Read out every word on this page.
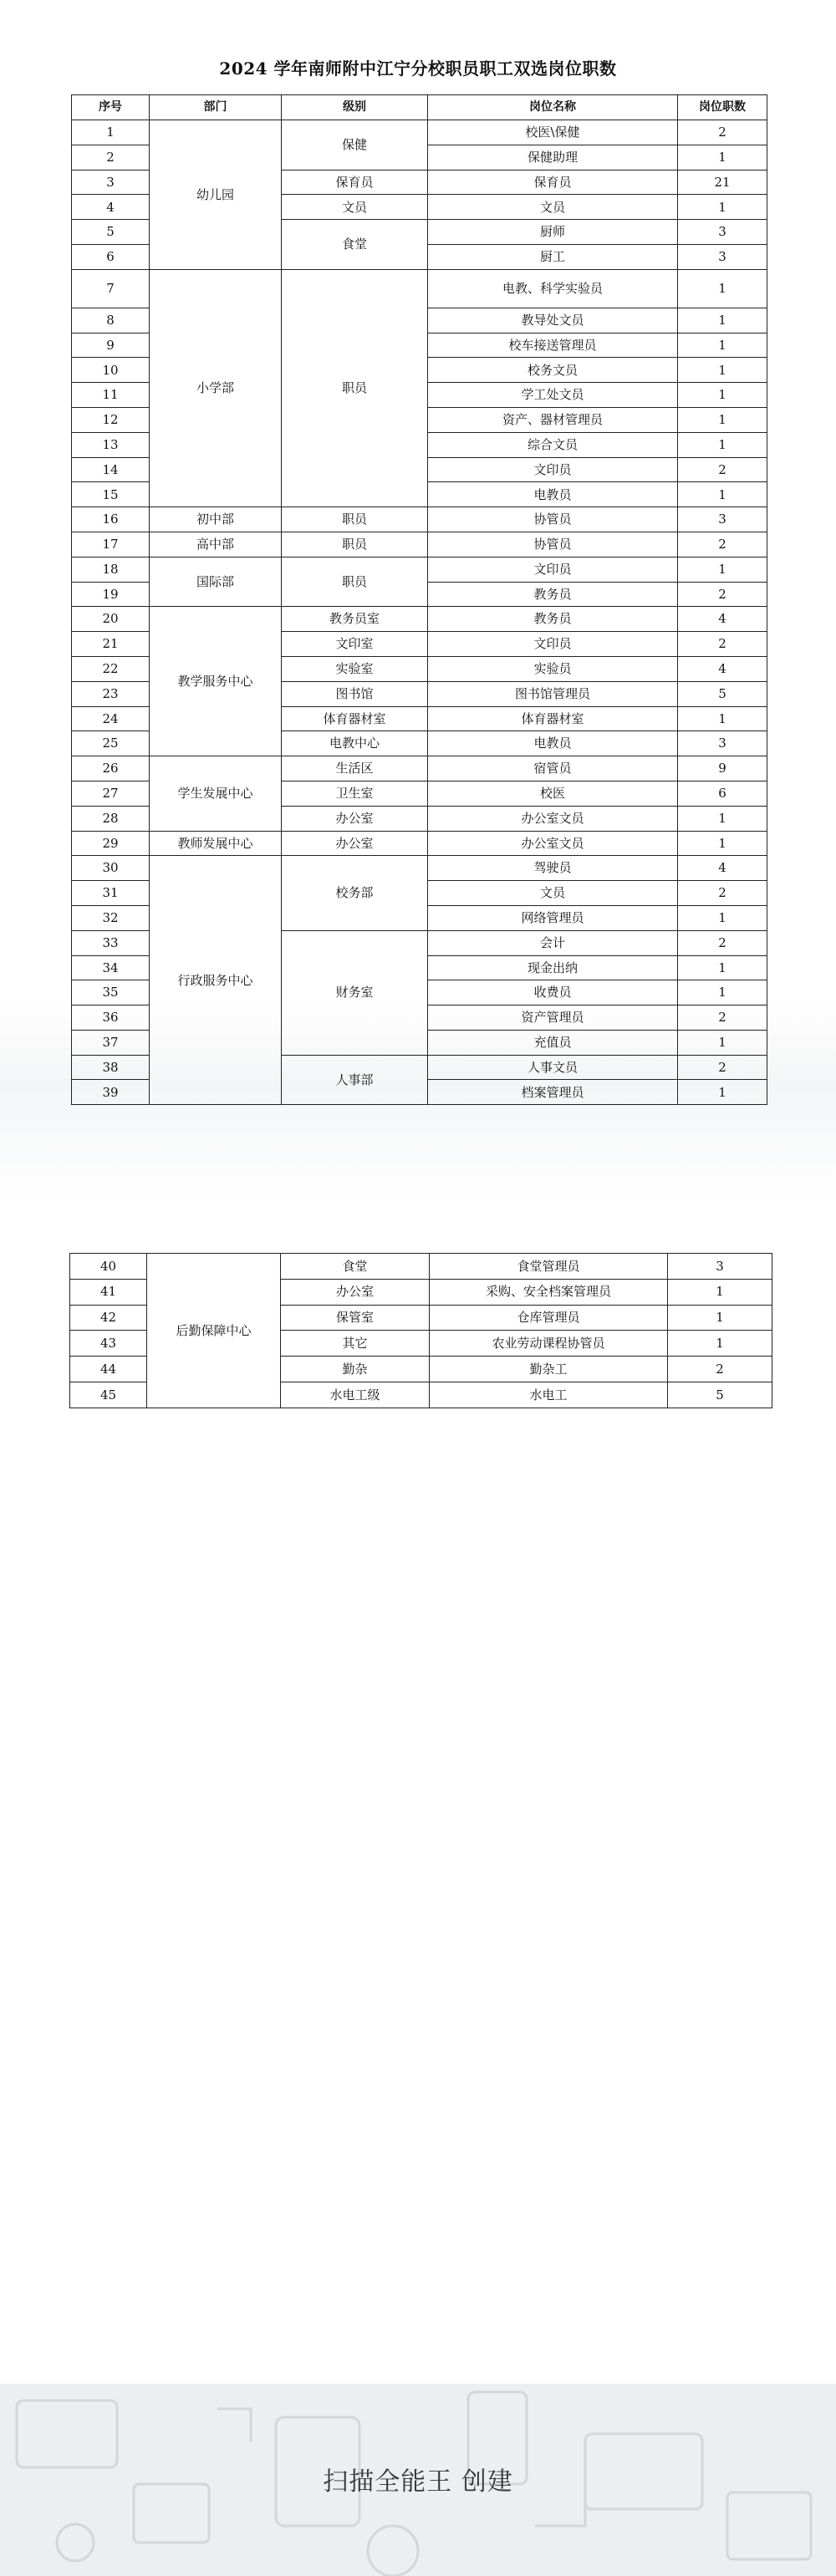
2024 学年南师附中江宁分校职员职工双选岗位职数
序号	部门	级别	岗位名称	岗位职数
1	幼儿园	保健	校医\保健	2
2			保健助理	1
3		保育员	保育员	21
4		文员	文员	1
5		食堂	厨师	3
6			厨工	3
7	小学部	职员	电教、科学实验员	1
8			教导处文员	1
9			校车接送管理员	1
10			校务文员	1
11			学工处文员	1
12			资产、器材管理员	1
13			综合文员	1
14			文印员	2
15			电教员	1
16	初中部	职员	协管员	3
17	高中部	职员	协管员	2
18	国际部	职员	文印员	1
19			教务员	2
20	教学服务中心	教务员室	教务员	4
21		文印室	文印员	2
22		实验室	实验员	4
23		图书馆	图书馆管理员	5
24		体育器材室	体育器材室	1
25		电教中心	电教员	3
26	学生发展中心	生活区	宿管员	9
27		卫生室	校医	6
28		办公室	办公室文员	1
29	教师发展中心	办公室	办公室文员	1
30	行政服务中心	校务部	驾驶员	4
31			文员	2
32			网络管理员	1
33		财务室	会计	2
34			现金出纳	1
35			收费员	1
36			资产管理员	2
37			充值员	1
38		人事部	人事文员	2
39			档案管理员	1
40	后勤保障中心	食堂	食堂管理员	3
41		办公室	采购、安全档案管理员	1
42		保管室	仓库管理员	1
43		其它	农业劳动课程协管员	1
44		勤杂	勤杂工	2
45		水电工级	水电工	5
扫描全能王 创建
